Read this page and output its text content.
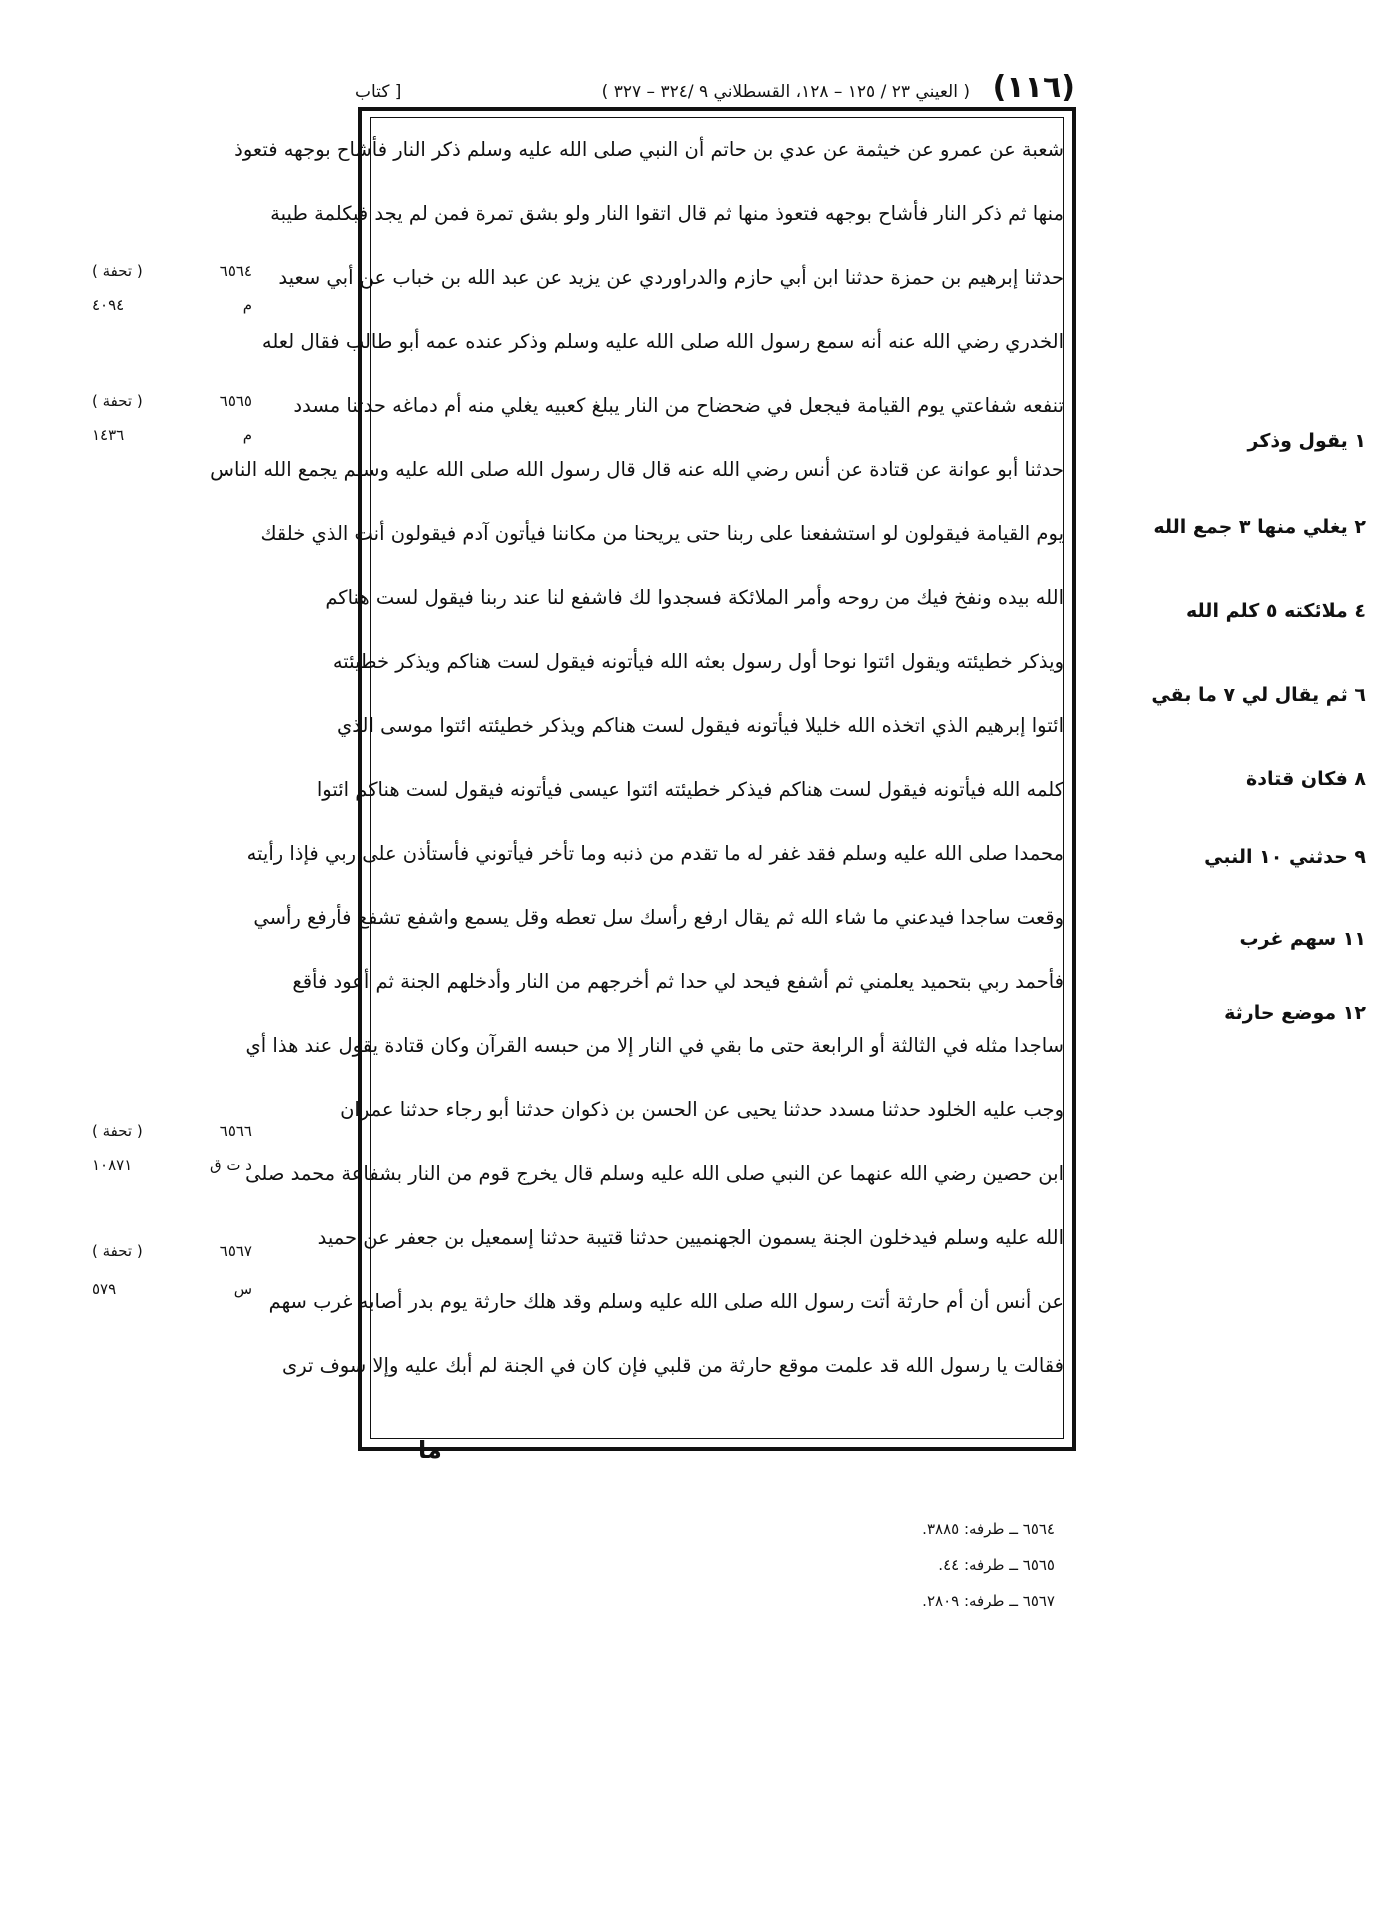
(١١٦)
( العيني ٢٣ / ١٢٥ – ١٢٨، القسطلاني ٩ /٣٢٤ – ٣٢٧ )
[ كتاب
شعبة عن عمرو عن خيثمة عن عدي بن حاتم أن النبي صلى الله عليه وسلم ذكر النار فأشاح بوجهه فتعوذ
منها ثم ذكر النار فأشاح بوجهه فتعوذ منها ثم قال اتقوا النار ولو بشق تمرة فمن لم يجد فبكلمة طيبة
حدثنا إبرهيم بن حمزة حدثنا ابن أبي حازم والدراوردي عن يزيد عن عبد الله بن خباب عن أبي سعيد
الخدري رضي الله عنه أنه سمع رسول الله صلى الله عليه وسلم وذكر عنده عمه أبو طالب فقال لعله
تنفعه شفاعتي يوم القيامة فيجعل في ضحضاح من النار يبلغ كعبيه يغلي منه أم دماغه حدثنا مسدد
حدثنا أبو عوانة عن قتادة عن أنس رضي الله عنه قال قال رسول الله صلى الله عليه وسلم يجمع الله الناس
يوم القيامة فيقولون لو استشفعنا على ربنا حتى يريحنا من مكاننا فيأتون آدم فيقولون أنت الذي خلقك
الله بيده ونفخ فيك من روحه وأمر الملائكة فسجدوا لك فاشفع لنا عند ربنا فيقول لست هناكم
ويذكر خطيئته ويقول ائتوا نوحا أول رسول بعثه الله فيأتونه فيقول لست هناكم ويذكر خطيئته
ائتوا إبرهيم الذي اتخذه الله خليلا فيأتونه فيقول لست هناكم ويذكر خطيئته ائتوا موسى الذي
كلمه الله فيأتونه فيقول لست هناكم فيذكر خطيئته ائتوا عيسى فيأتونه فيقول لست هناكم ائتوا
محمدا صلى الله عليه وسلم فقد غفر له ما تقدم من ذنبه وما تأخر فيأتوني فأستأذن على ربي فإذا رأيته
وقعت ساجدا فيدعني ما شاء الله ثم يقال ارفع رأسك سل تعطه وقل يسمع واشفع تشفع فأرفع رأسي
فأحمد ربي بتحميد يعلمني ثم أشفع فيحد لي حدا ثم أخرجهم من النار وأدخلهم الجنة ثم أعود فأقع
ساجدا مثله في الثالثة أو الرابعة حتى ما بقي في النار إلا من حبسه القرآن وكان قتادة يقول عند هذا أي
وجب عليه الخلود حدثنا مسدد حدثنا يحيى عن الحسن بن ذكوان حدثنا أبو رجاء حدثنا عمران
ابن حصين رضي الله عنهما عن النبي صلى الله عليه وسلم قال يخرج قوم من النار بشفاعة محمد صلى
الله عليه وسلم فيدخلون الجنة يسمون الجهنميين حدثنا قتيبة حدثنا إسمعيل بن جعفر عن حميد
عن أنس أن أم حارثة أتت رسول الله صلى الله عليه وسلم وقد هلك حارثة يوم بدر أصابه غرب سهم
فقالت يا رسول الله قد علمت موقع حارثة من قلبي فإن كان في الجنة لم أبك عليه وإلا سوف ترى
ما
١ يقول وذكر
٢ يغلي منها ٣ جمع الله
٤ ملائكته ٥ كلم الله
٦ ثم يقال لي ٧ ما بقي
٨ فكان قتادة
٩ حدثني ١٠ النبي
١١ سهم غرب
١٢ موضع حارثة
٦٥٦٤
( تحفة )
م
٤٠٩٤
٦٥٦٥
( تحفة )
م
١٤٣٦
٦٥٦٦
( تحفة )
د ت ق
١٠٨٧١
٦٥٦٧
( تحفة )
س
٥٧٩
٦٥٦٤ ــ طرفه: ٣٨٨٥.
٦٥٦٥ ــ طرفه: ٤٤.
٦٥٦٧ ــ طرفه: ٢٨٠٩.
